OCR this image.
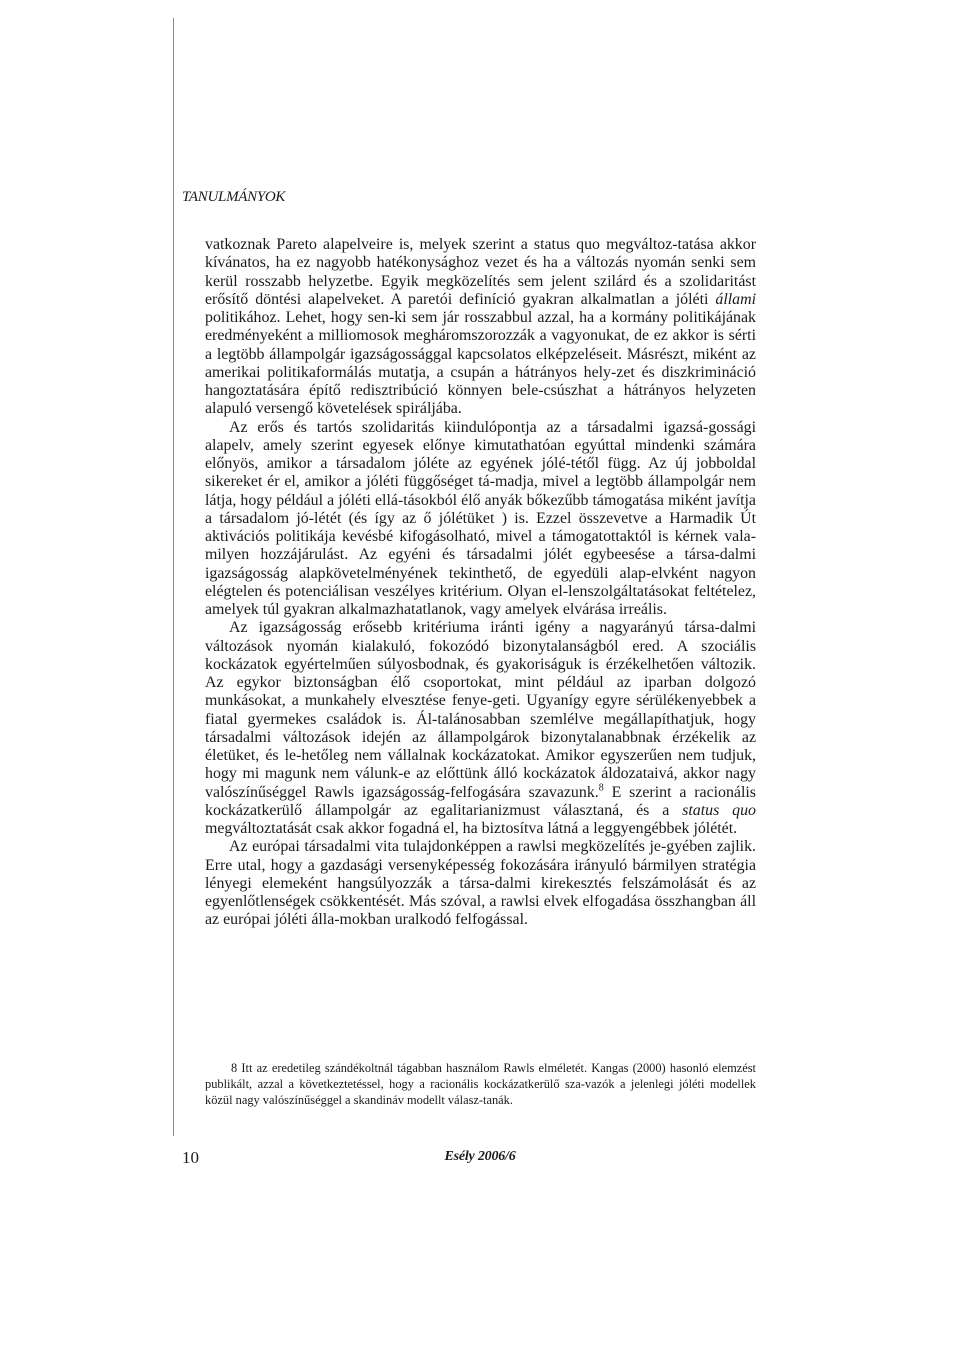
TANULMÁNYOK

vatkoznak Pareto alapelveire is, melyek szerint a status quo megváltoz-tatása akkor kívánatos, ha ez nagyobb hatékonysághoz vezet és ha a változás nyomán senki sem kerül rosszabb helyzetbe. Egyik megközelítés sem jelent szilárd és a szolidaritást erősítő döntési alapelveket. A paretói definíció gyakran alkalmatlan a jóléti állami politikához. Lehet, hogy sen-ki sem jár rosszabbul azzal, ha a kormány politikájának eredményeként a milliomosok megháromszorozzák a vagyonukat, de ez akkor is sérti a legtöbb állampolgár igazságossággal kapcsolatos elképzeléseit. Másrészt, miként az amerikai politikaformálás mutatja, a csupán a hátrányos hely-zet és diszkrimináció hangoztatására építő redisztribúció könnyen bele-csúszhat a hátrányos helyzeten alapuló versengő követelések spiráljába.

Az erős és tartós szolidaritás kiindulópontja az a társadalmi igazsá-gossági alapelv, amely szerint egyesek előnye kimutathatóan egyúttal mindenki számára előnyös, amikor a társadalom jóléte az egyének jólé-tétől függ. Az új jobboldal sikereket ér el, amikor a jóléti függőséget tá-madja, mivel a legtöbb állampolgár nem látja, hogy például a jóléti ellá-tásokból élő anyák bőkezűbb támogatása miként javítja a társadalom jó-létét (és így az ő jólétüket ) is. Ezzel összevetve a Harmadik Út aktivációs politikája kevésbé kifogásolható, mivel a támogatottaktól is kérnek vala-milyen hozzájárulást. Az egyéni és társadalmi jólét egybeesése a társa-dalmi igazságosság alapkövetelményének tekinthető, de egyedüli alap-elvként nagyon elégtelen és potenciálisan veszélyes kritérium. Olyan el-lenszolgáltatásokat feltételez, amelyek túl gyakran alkalmazhatatlanok, vagy amelyek elvárása irreális.

Az igazságosság erősebb kritériuma iránti igény a nagyarányú társa-dalmi változások nyomán kialakuló, fokozódó bizonytalanságból ered. A szociális kockázatok egyértelműen súlyosbodnak, és gyakoriságuk is érzékelhetően változik. Az egykor biztonságban élő csoportokat, mint például az iparban dolgozó munkásokat, a munkahely elvesztése fenye-geti. Ugyanígy egyre sérülékenyebbek a fiatal gyermekes családok is. Ál-talánosabban szemlélve megállapíthatjuk, hogy társadalmi változások idején az állampolgárok bizonytalanabbnak érzékelik az életüket, és le-hetőleg nem vállalnak kockázatokat. Amikor egyszerűen nem tudjuk, hogy mi magunk nem válunk-e az előttünk álló kockázatok áldozataivá, akkor nagy valószínűséggel Rawls igazságosság-felfogására szavazunk.$^8$ E szerint a racionális kockázatkerülő állampolgár az egalitarianizmust választaná, és a status quo megváltoztatását csak akkor fogadná el, ha biztosítva látná a leggyengébbek jólétét.

Az európai társadalmi vita tulajdonképpen a rawlsi megközelítés je-gyében zajlik. Erre utal, hogy a gazdasági versenyképesség fokozására irányuló bármilyen stratégia lényegi elemeként hangsúlyozzák a társa-dalmi kirekesztés felszámolását és az egyenlőtlenségek csökkentését. Más szóval, a rawlsi elvek elfogadása összhangban áll az európai jóléti álla-mokban uralkodó felfogással.

8 Itt az eredetileg szándékoltnál tágabban használom Rawls elméletét. Kangas (2000) hasonló elemzést publikált, azzal a következtetéssel, hogy a racionális kockázatkerülő sza-vazók a jelenlegi jóléti modellek közül nagy valószínűséggel a skandináv modellt válasz-tanák.
10	Esély 2006/6
